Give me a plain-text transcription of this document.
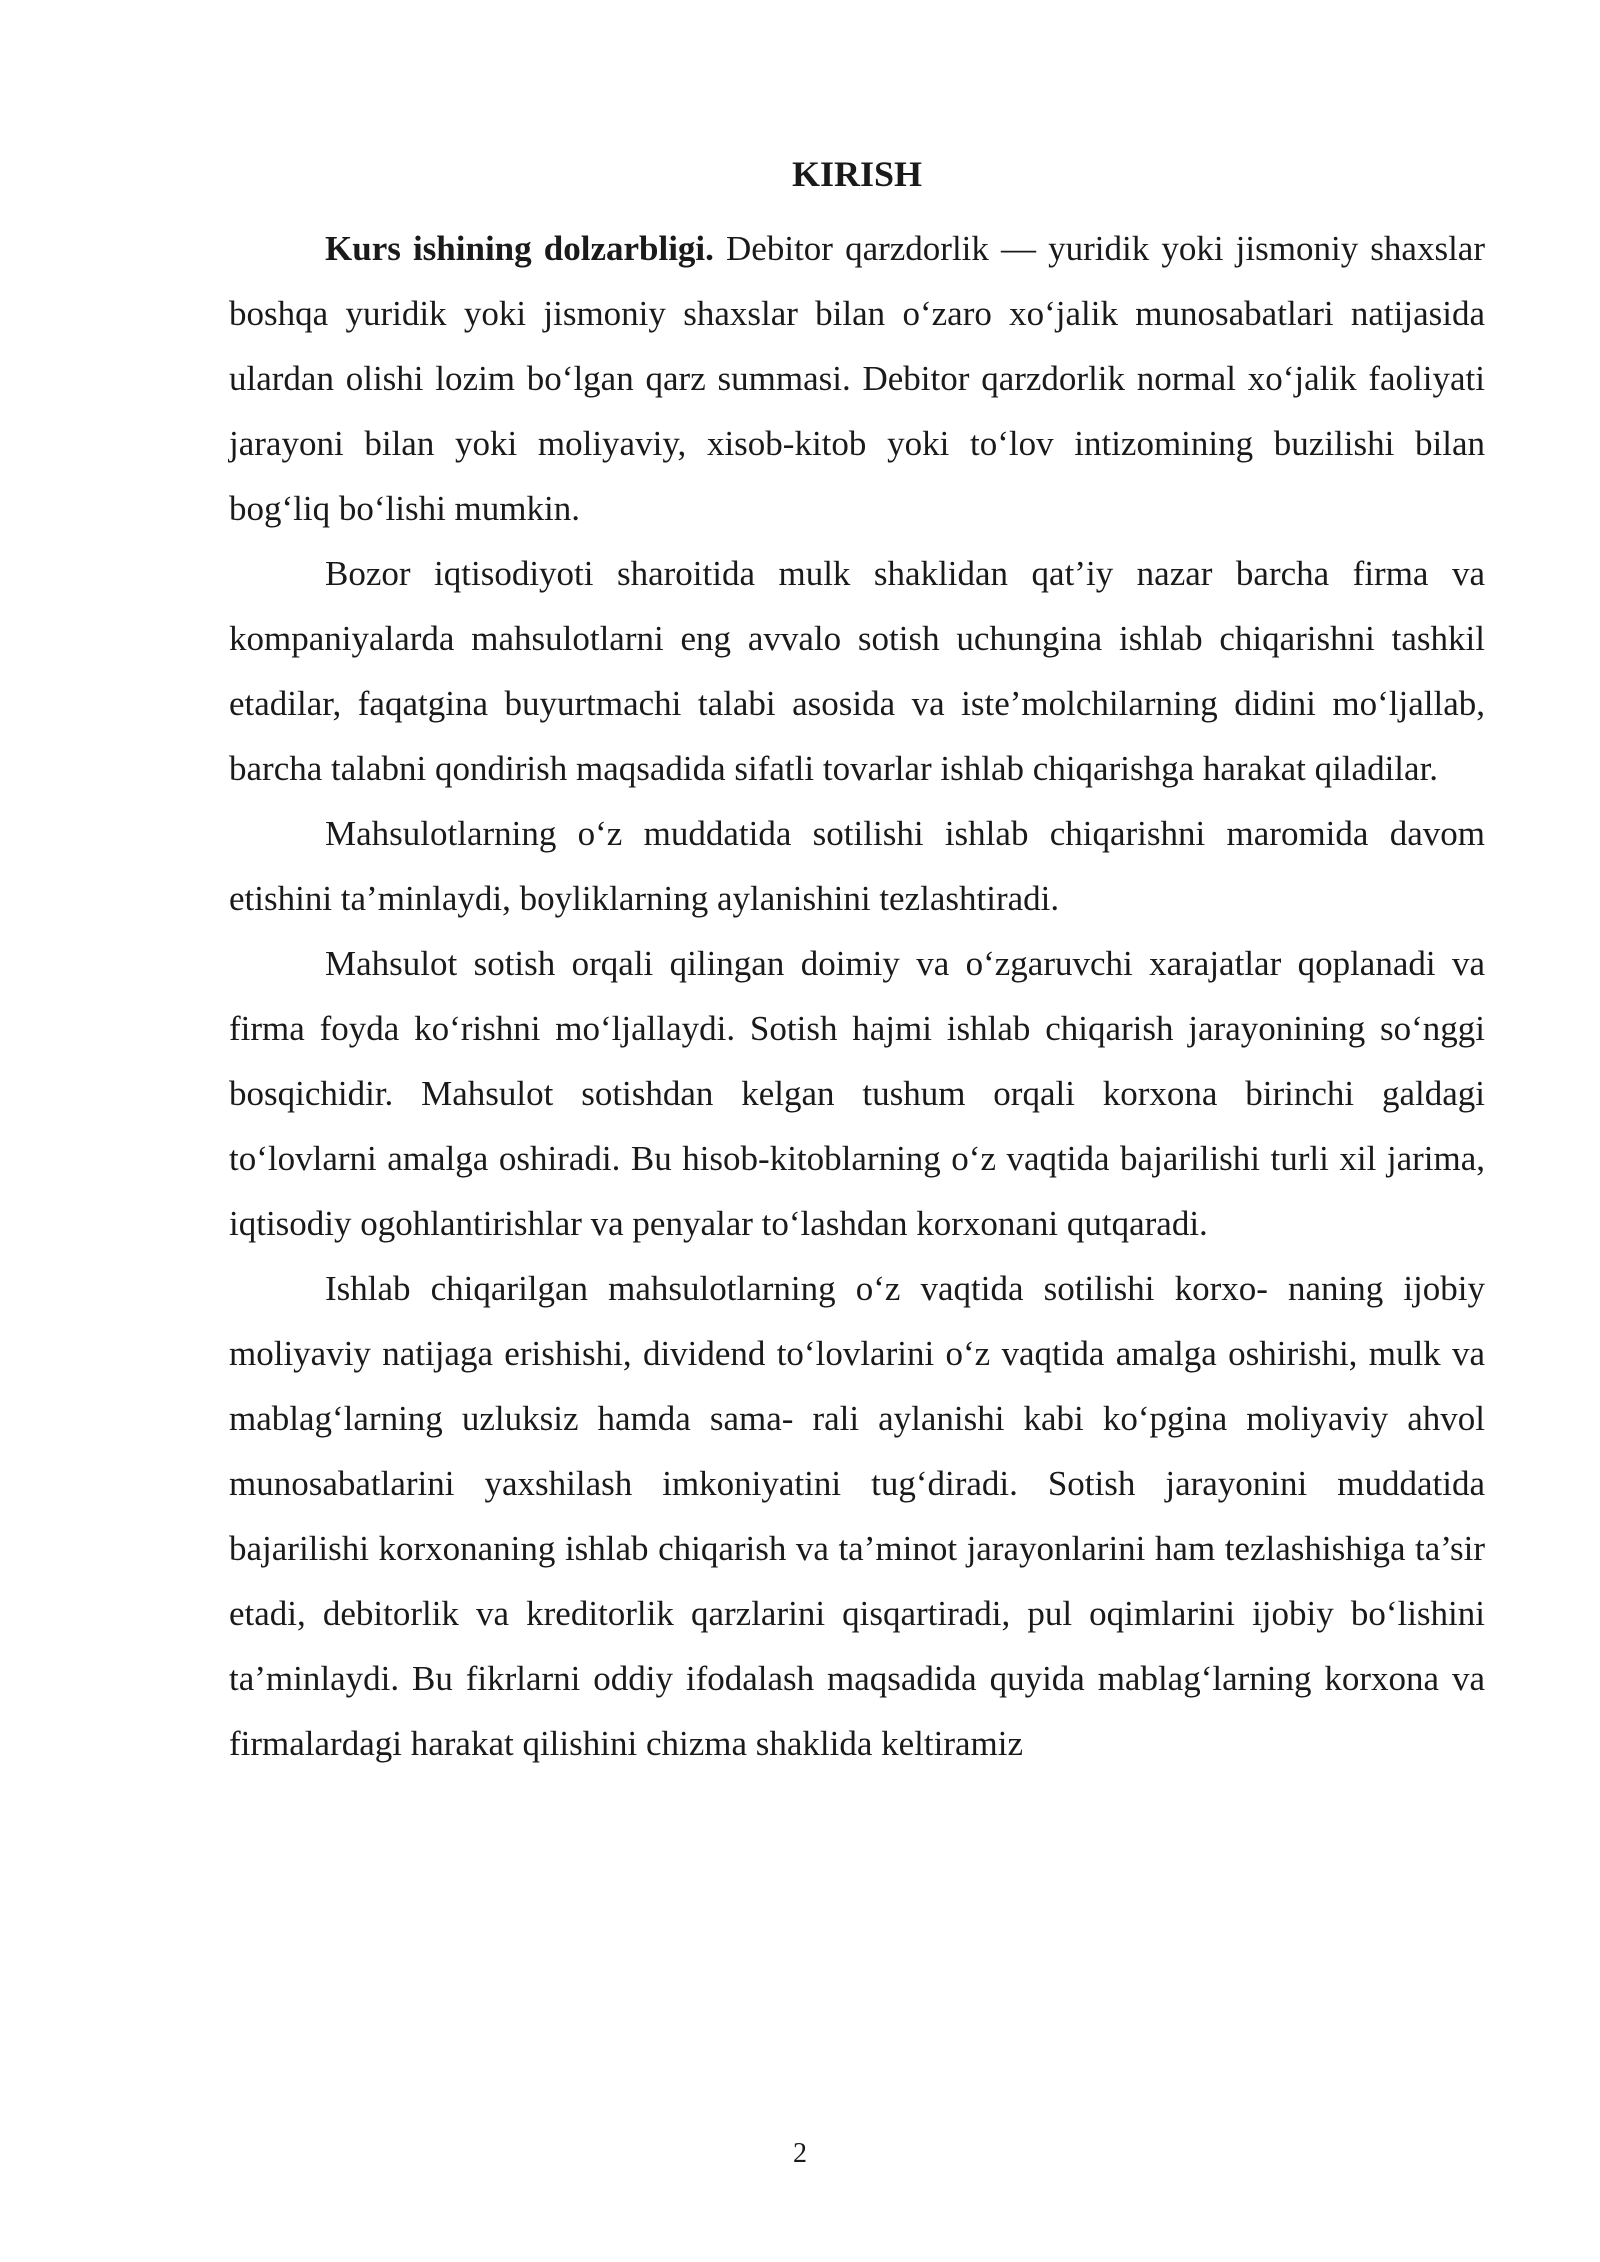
KIRISH

Kurs ishining dolzarbligi. Debitor qarzdorlik — yuridik yoki jismoniy shaxslar boshqa yuridik yoki jismoniy shaxslar bilan o‘zaro xo‘jalik munosabatlari natijasida ulardan olishi lozim bo‘lgan qarz summasi. Debitor qarzdorlik normal xo‘jalik faoliyati jarayoni bilan yoki moliyaviy, xisob-kitob yoki to‘lov intizomining buzilishi bilan bog‘liq bo‘lishi mumkin.

Bozor iqtisodiyoti sharoitida mulk shaklidan qat’iy nazar barcha firma va kompaniyalarda mahsulotlarni eng avvalo sotish uchungina ishlab chiqarishni tashkil etadilar, faqatgina buyurtmachi talabi asosida va iste’molchilarning didini mo‘ljallab, barcha talabni qondirish maqsadida sifatli tovarlar ishlab chiqarishga harakat qiladilar.

Mahsulotlarning o‘z muddatida sotilishi ishlab chiqarishni maromida davom etishini ta’minlaydi, boyliklarning aylanishini tezlashtiradi.

Mahsulot sotish orqali qilingan doimiy va o‘zgaruvchi xarajatlar qoplanadi va firma foyda ko‘rishni mo‘ljallaydi. Sotish hajmi ishlab chiqarish jarayonining so‘nggi bosqichidir. Mahsulot sotishdan kelgan tushum orqali korxona birinchi galdagi to‘lovlarni amalga oshiradi. Bu hisob-kitoblarning o‘z vaqtida bajarilishi turli xil jarima, iqtisodiy ogohlantirishlar va penyalar to‘lashdan korxonani qutqaradi.

Ishlab chiqarilgan mahsulotlarning o‘z vaqtida sotilishi korxo- naning ijobiy moliyaviy natijaga erishishi, dividend to‘lovlarini o‘z vaqtida amalga oshirishi, mulk va mablag‘larning uzluksiz hamda sama- rali aylanishi kabi ko‘pgina moliyaviy ahvol munosabatlarini yaxshilash imkoniyatini tug‘diradi. Sotish jarayonini muddatida bajarilishi korxonaning ishlab chiqarish va ta’minot jarayonlarini ham tezlashishiga ta’sir etadi, debitorlik va kreditorlik qarzlarini qisqartiradi, pul oqimlarini ijobiy bo‘lishini ta’minlaydi. Bu fikrlarni oddiy ifodalash maqsadida quyida mablag‘larning korxona va firmalardagi harakat qilishini chizma shaklida keltiramiz

2
